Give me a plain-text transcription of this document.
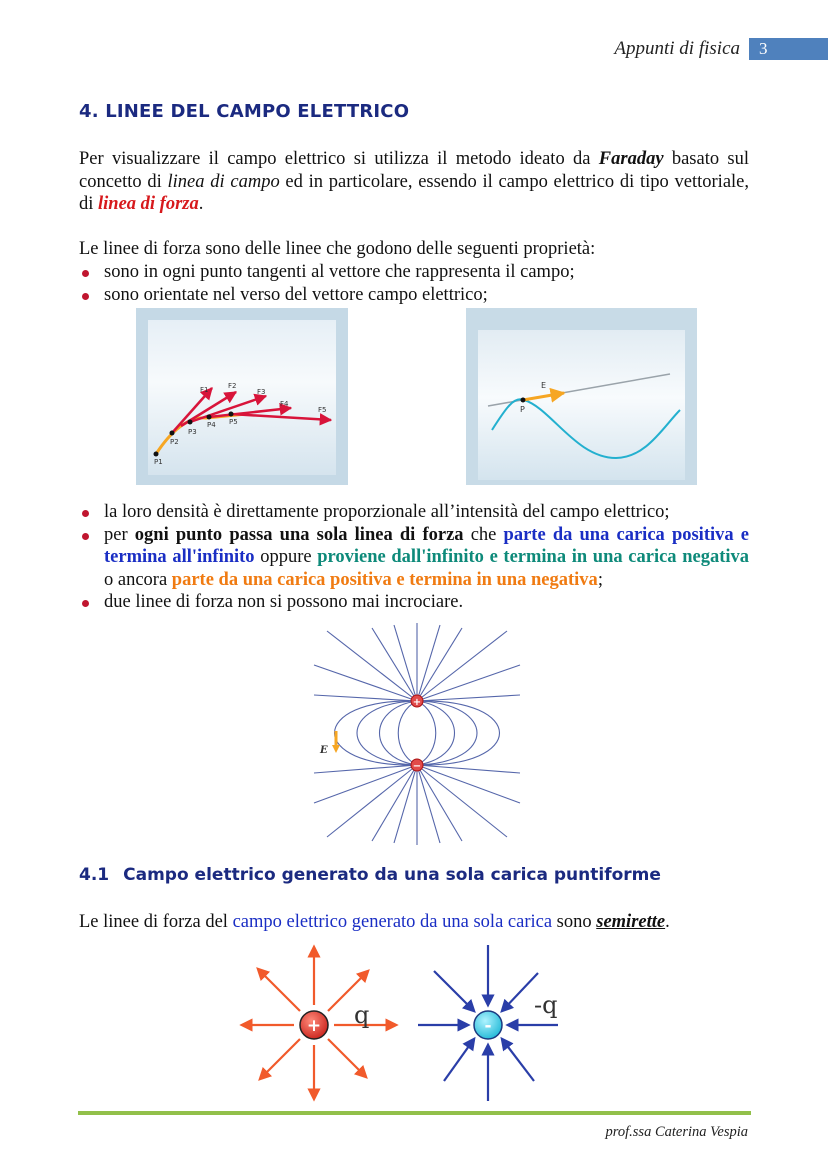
Appunti di fisica	3
4. LINEE DEL CAMPO ELETTRICO
Per visualizzare il campo elettrico si utilizza il metodo ideato da Faraday basato sul concetto di linea di campo ed in particolare, essendo il campo elettrico di tipo vettoriale, di linea di forza.
Le linee di forza sono delle linee che godono delle seguenti proprietà:
sono in ogni punto tangenti al vettore che rappresenta il campo;
sono orientate nel verso del vettore campo elettrico;
F1	F2
F3
F4
F5
P1
P2
P3
P4 P5
E
P
la loro densità è direttamente proporzionale all’intensità del campo elettrico;
per ogni punto passa una sola linea di forza che parte da una carica positiva e termina all'infinito oppure proviene dall'infinito e termina in una carica negativa o ancora parte da una carica positiva e termina in una negativa;
due linee di forza non si possono mai incrociare.
E
+
−
4.1 Campo elettrico generato da una sola carica puntiforme
Le linee di forza del campo elettrico generato da una sola carica sono semirette.
+ q	-
-q
prof.ssa Caterina Vespia
